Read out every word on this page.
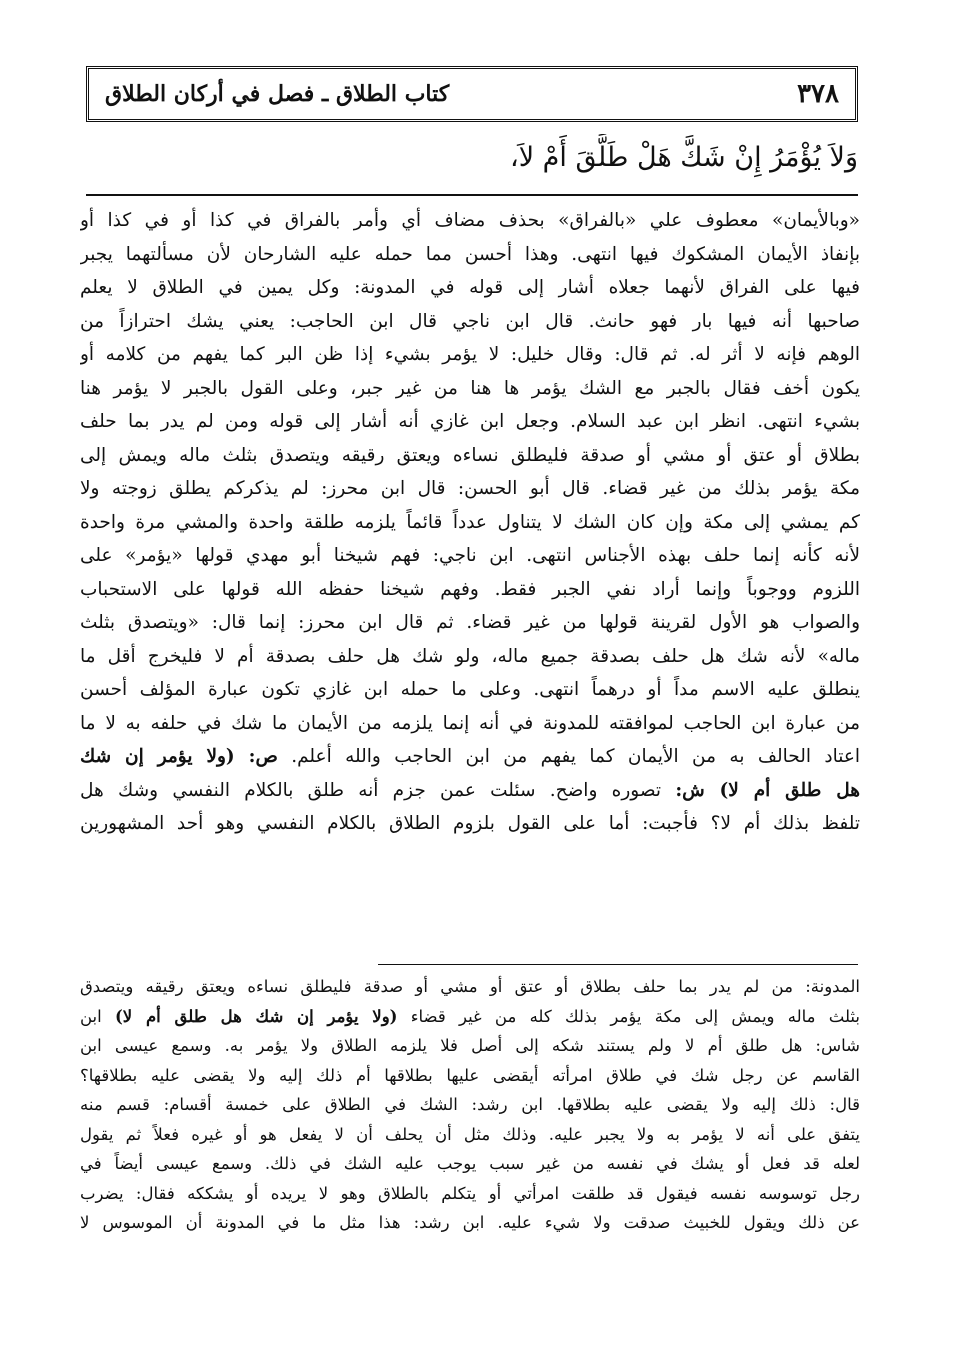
٣٧٨
كتاب الطلاق ـ فصل في أركان الطلاق
وَلاَ يُؤْمَرُ إِنْ شَكَّ هَلْ طَلَّقَ أَمْ لاَ،
«وبالأيمان» معطوف علي «بالفراق» بحذف مضاف أي وأمر بالفراق في كذا أو في كذا أو
بإنفاذ الأيمان المشكوك فيها انتهى. وهذا أحسن مما حمله عليه الشارحان لأن مسألتهما يجبر
فيها على الفراق لأنهما جعلاه أشار إلى قوله في المدونة: وكل يمين في الطلاق لا يعلم
صاحبها أنه فيها بار فهو حانث. قال ابن ناجي قال ابن الحاجب: يعني يشك احترازاً من
الوهم فإنه لا أثر له. ثم قال: وقال خليل: لا يؤمر بشيء إذا ظن البر كما يفهم من كلامه أو
يكون أخف فقال بالجبر مع الشك يؤمر ها هنا من غير جبر، وعلى القول بالجبر لا يؤمر هنا
بشيء انتهى. انظر ابن عبد السلام. وجعل ابن غازي أنه أشار إلى قوله ومن لم يدر بما حلف
بطلاق أو عتق أو مشي أو صدقة فليطلق نساءه ويعتق رقيقه ويتصدق بثلث ماله ويمش إلى
مكة يؤمر بذلك من غير قضاء. قال أبو الحسن: قال ابن محرز: لم يذكركم يطلق زوجته ولا
كم يمشي إلى مكة وإن كان الشك لا يتناول عدداً قائماً يلزمه طلقة واحدة والمشي مرة واحدة
لأنه كأنه إنما حلف بهذه الأجناس انتهى. ابن ناجي: فهم شيخنا أبو مهدي قولها «يؤمر» على
اللزوم ووجوباً وإنما أراد نفي الجبر فقط. وفهم شيخنا حفظه الله قولها على الاستحباب
والصواب هو الأول لقرينة قولها من غير قضاء. ثم قال ابن محرز: إنما قال: «ويتصدق بثلث
ماله» لأنه شك هل حلف بصدقة جميع ماله، ولو شك هل حلف بصدقة أم لا فليخرج أقل ما
ينطلق عليه الاسم مداً أو درهماً انتهى. وعلى ما حمله ابن غازي تكون عبارة المؤلف أحسن
من عبارة ابن الحاجب لموافقته للمدونة في أنه إنما يلزمه من الأيمان ما شك في حلفه به لا ما
اعتاد الحالف به من الأيمان كما يفهم من ابن الحاجب والله أعلم. ص: (ولا يؤمر إن شك
هل طلق أم لا) ش: تصوره واضح. سئلت عمن جزم أنه طلق بالكلام النفسي وشك هل
تلفظ بذلك أم لا؟ فأجبت: أما على القول بلزوم الطلاق بالكلام النفسي وهو أحد المشهورين
المدونة: من لم يدر بما حلف بطلاق أو عتق أو مشي أو صدقة فليطلق نساءه ويعتق رقيقه ويتصدق
بثلث ماله ويمش إلى مكة يؤمر بذلك كله من غير قضاء (ولا يؤمر إن شك هل طلق أم لا) ابن
شاس: هل طلق أم لا ولم يستند شكه إلى أصل فلا يلزمه الطلاق ولا يؤمر به. وسمع عيسى ابن
القاسم عن رجل شك في طلاق امرأته أيقضى عليها بطلاقها أم ذلك إليه ولا يقضى عليه بطلاقها؟
قال: ذلك إليه ولا يقضى عليه بطلاقها. ابن رشد: الشك في الطلاق على خمسة أقسام: قسم منه
يتفق على أنه لا يؤمر به ولا يجبر عليه. وذلك مثل أن يحلف أن لا يفعل هو أو غيره فعلاً ثم يقول
لعله قد فعل أو يشك في نفسه من غير سبب يوجب عليه الشك في ذلك. وسمع عيسى أيضاً في
رجل توسوسه نفسه فيقول قد طلقت امرأتي أو يتكلم بالطلاق وهو لا يريده أو يشككه فقال: يضرب
عن ذلك ويقول للخبيث صدقت ولا شيء عليه. ابن رشد: هذا مثل ما في المدونة أن الموسوس لا
